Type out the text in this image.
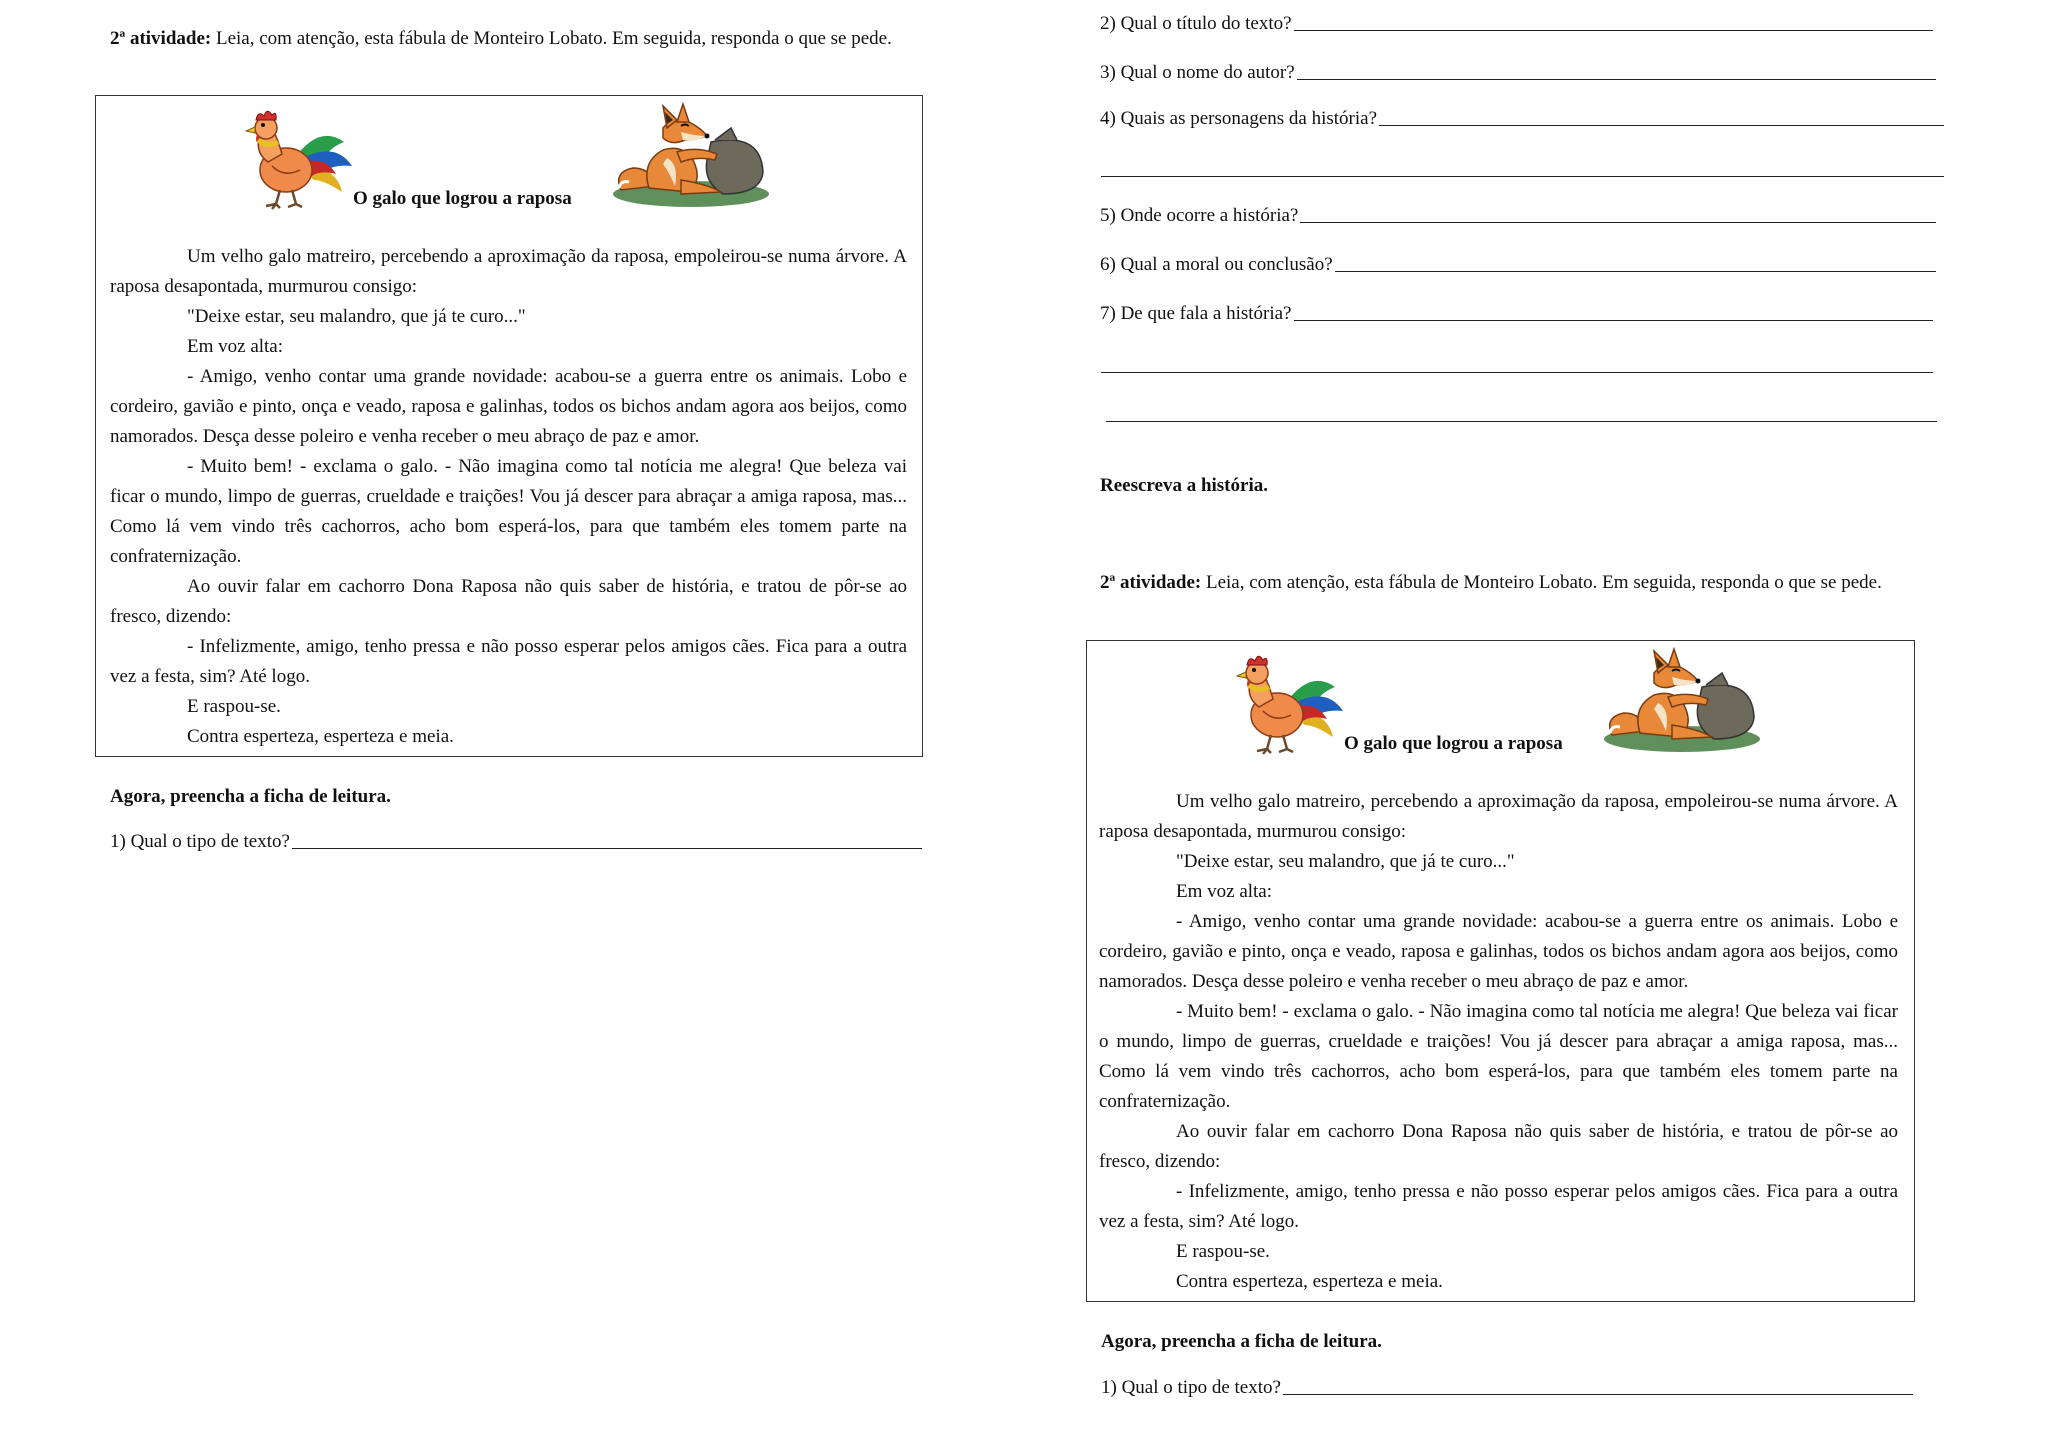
2ª atividade: Leia, com atenção, esta fábula de Monteiro Lobato. Em seguida, responda o que se pede.
O galo que logrou a raposa

Um velho galo matreiro, percebendo a aproximação da raposa, empoleirou-se numa árvore. A raposa desapontada, murmurou consigo:

"Deixe estar, seu malandro, que já te curo..."

Em voz alta:

- Amigo, venho contar uma grande novidade: acabou-se a guerra entre os animais. Lobo e cordeiro, gavião e pinto, onça e veado, raposa e galinhas, todos os bichos andam agora aos beijos, como namorados. Desça desse poleiro e venha receber o meu abraço de paz e amor.

- Muito bem! - exclama o galo. - Não imagina como tal notícia me alegra! Que beleza vai ficar o mundo, limpo de guerras, crueldade e traições! Vou já descer para abraçar a amiga raposa, mas... Como lá vem vindo três cachorros, acho bom esperá-los, para que também eles tomem parte na confraternização.

Ao ouvir falar em cachorro Dona Raposa não quis saber de história, e tratou de pôr-se ao fresco, dizendo:

- Infelizmente, amigo, tenho pressa e não posso esperar pelos amigos cães. Fica para a outra vez a festa, sim? Até logo.

E raspou-se.

Contra esperteza, esperteza e meia.

Agora, preencha a ficha de leitura.
1) Qual o tipo de texto?
2) Qual o título do texto?
3) Qual o nome do autor?
4) Quais as personagens da história?
5) Onde ocorre a história?
6) Qual a moral ou conclusão?
7) De que fala a história?
Reescreva a história.
2ª atividade: Leia, com atenção, esta fábula de Monteiro Lobato. Em seguida, responda o que se pede.
O galo que logrou a raposa

Um velho galo matreiro, percebendo a aproximação da raposa, empoleirou-se numa árvore. A raposa desapontada, murmurou consigo:

"Deixe estar, seu malandro, que já te curo..."

Em voz alta:

- Amigo, venho contar uma grande novidade: acabou-se a guerra entre os animais. Lobo e cordeiro, gavião e pinto, onça e veado, raposa e galinhas, todos os bichos andam agora aos beijos, como namorados. Desça desse poleiro e venha receber o meu abraço de paz e amor.

- Muito bem! - exclama o galo. - Não imagina como tal notícia me alegra! Que beleza vai ficar o mundo, limpo de guerras, crueldade e traições! Vou já descer para abraçar a amiga raposa, mas... Como lá vem vindo três cachorros, acho bom esperá-los, para que também eles tomem parte na confraternização.

Ao ouvir falar em cachorro Dona Raposa não quis saber de história, e tratou de pôr-se ao fresco, dizendo:

- Infelizmente, amigo, tenho pressa e não posso esperar pelos amigos cães. Fica para a outra vez a festa, sim? Até logo.

E raspou-se.

Contra esperteza, esperteza e meia.

Agora, preencha a ficha de leitura.
1) Qual o tipo de texto?
